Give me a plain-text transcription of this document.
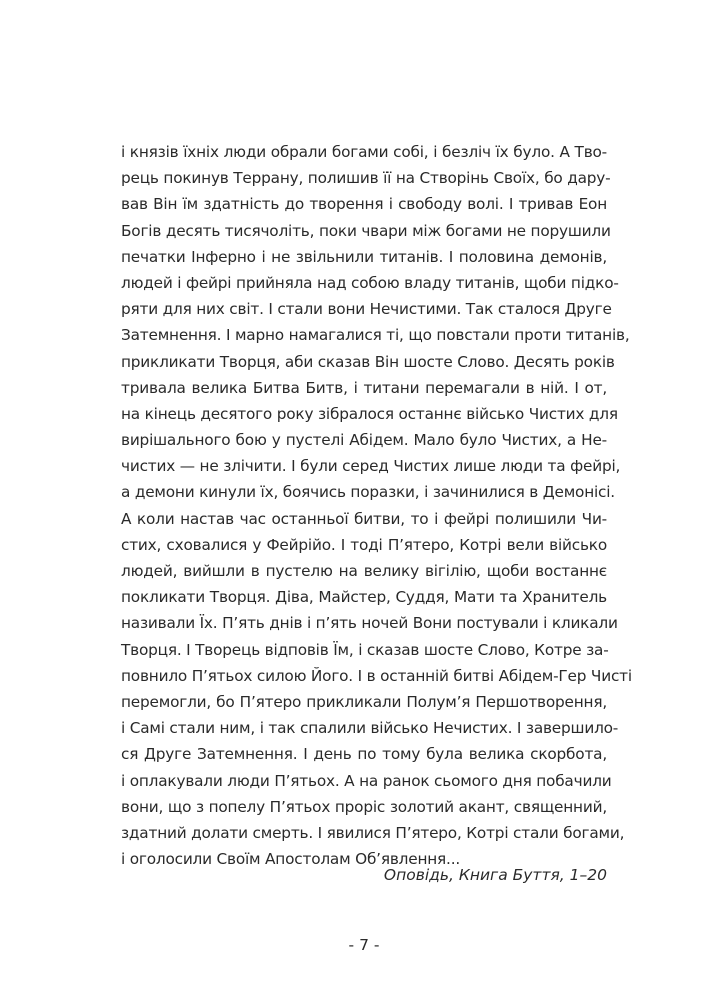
і князів їхніх люди обрали богами собі, і безліч їх було. А Тво-
рець покинув Террану, полишив її на Створінь Своїх, бо дару-
вав Він їм здатність до творення і свободу волі. І тривав Еон
Богів десять тисячоліть, поки чвари між богами не порушили
печатки Інферно і не звільнили титанів. І половина демонів,
людей і фейрі прийняла над собою владу титанів, щоби підко-
ряти для них світ. І стали вони Нечистими. Так сталося Друге
Затемнення. І марно намагалися ті, що повстали проти титанів,
прикликати Творця, аби сказав Він шосте Слово. Десять років
тривала велика Битва Битв, і титани перемагали в ній. І от,
на кінець десятого року зібралося останнє військо Чистих для
вирішального бою у пустелі Абідем. Мало було Чистих, а Не-
чистих — не злічити. І були серед Чистих лише люди та фейрі,
а демони кинули їх, боячись поразки, і зачинилися в Демонісі.
А коли настав час останньої битви, то і фейрі полишили Чи-
стих, сховалися у Фейрійо. І тоді П’ятеро, Котрі вели військо
людей, вийшли в пустелю на велику вігілію, щоби востаннє
покликати Творця. Діва, Майстер, Суддя, Мати та Хранитель
називали Їх. П’ять днів і п’ять ночей Вони постували і кликали
Творця. І Творець відповів Їм, і сказав шосте Слово, Котре за-
повнило П’ятьох силою Його. І в останній битві Абідем-Гер Чисті
перемогли, бо П’ятеро прикликали Полум’я Першотворення,
і Самі стали ним, і так спалили військо Нечистих. І завершило-
ся Друге Затемнення. І день по тому була велика скорбота,
і оплакували люди П’ятьох. А на ранок сьомого дня побачили
вони, що з попелу П’ятьох проріс золотий акант, священний,
здатний долати смерть. І явилися П’ятеро, Котрі стали богами,
і оголосили Своїм Апостолам Об’явлення...
Оповідь, Книга Буття, 1–20
- 7 -
